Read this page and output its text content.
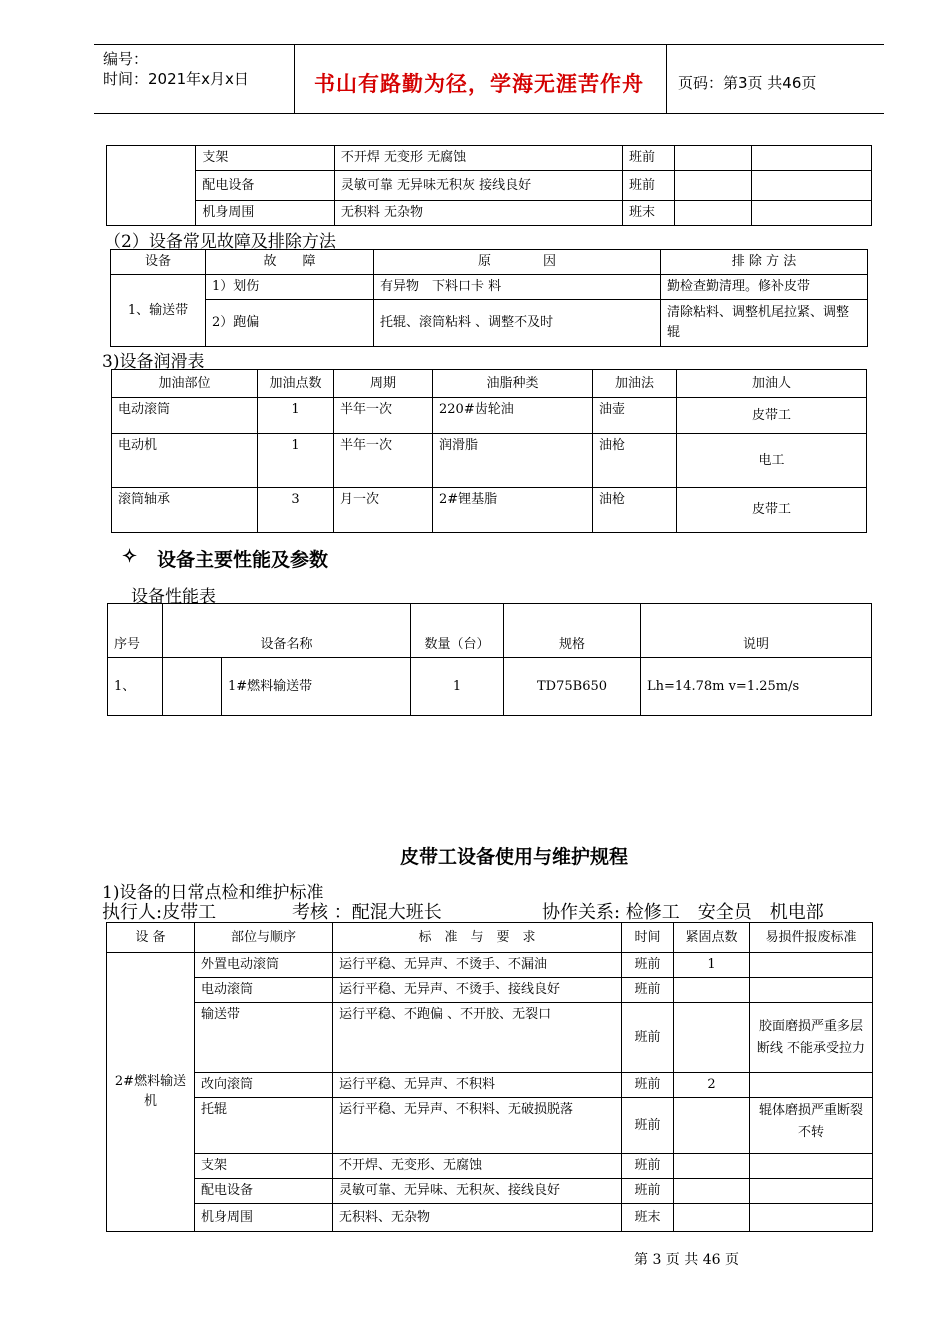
编号：
时间：2021年x月x日	书山有路勤为径，学海无涯苦作舟 页码：第3页 共46页
	支架	不开焊 无变形 无腐蚀	班前		
	配电设备	灵敏可靠 无异味无积灰 接线良好	班前		
	机身周围	无积料 无杂物	班末		
（2）设备常见故障及排除方法
设备	故　　障	原　　　　因	排 除 方 法
1、输送带	1）划伤	有异物　下料口卡 料	勤检查勤清理。修补皮带
	2）跑偏	托辊、滚筒粘料 、调整不及时	清除粘料、调整机尾拉紧、调整辊
3)设备润滑表
加油部位	加油点数	周期	油脂种类	加油法	加油人
电动滚筒	1	半年一次	220#齿轮油	油壶	皮带工
电动机	1	半年一次	润滑脂	油枪	电工
滚筒轴承	3	月一次	2#锂基脂	油枪	皮带工
✧ 设备主要性能及参数
设备性能表
序号	设备名称		数量（台）	规格	说明
1、		1#燃料输送带	1	TD75B650	Lh=14.78m v=1.25m/s
皮带工设备使用与维护规程
1)设备的日常点检和维护标准
执行人:皮带工	考核 ：配混大班长	协作关系: 检修工　安全员　机电部
设 备	部位与顺序	标　准　与　要　求	时间	紧固点数	易损件报废标准
2#燃料输送机	外置电动滚筒	运行平稳、无异声、不烫手、不漏油	班前	1	
	电动滚筒	运行平稳、无异声、不烫手、接线良好	班前		
	输送带	运行平稳、不跑偏 、不开胶、无裂口	班前		胶面磨损严重多层断线 不能承受拉力
	改向滚筒	运行平稳、无异声、不积料	班前	2	
	托辊	运行平稳、无异声、不积料、无破损脱落	班前		辊体磨损严重断裂不转
	支架	不开焊、无变形、无腐蚀	班前		
	配电设备	灵敏可靠、无异味、无积灰、接线良好	班前		
	机身周围	无积料、无杂物	班末		
第 3 页 共 46 页
